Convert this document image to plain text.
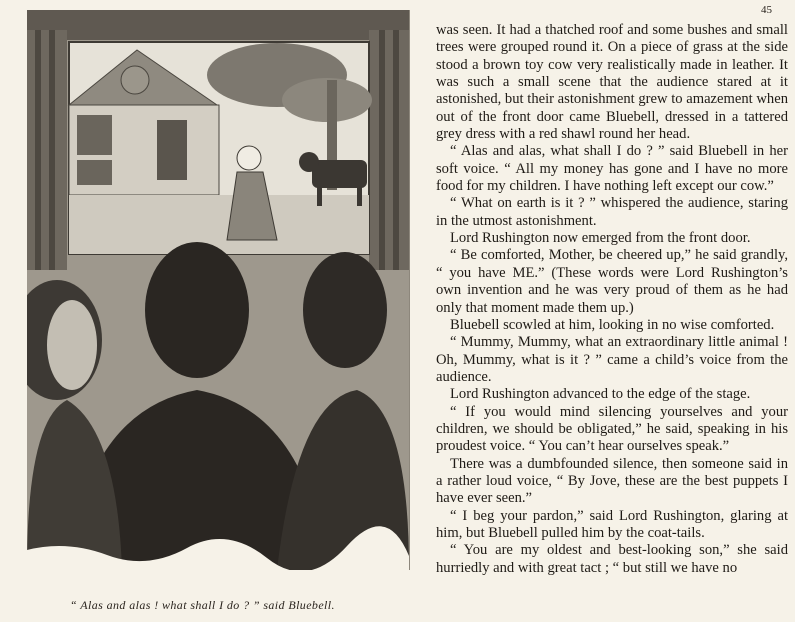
“ Alas and alas ! what shall I do ? ” said Bluebell.
45

was seen. It had a thatched roof and some bushes and small trees were grouped round it. On a piece of grass at the side stood a brown toy cow very realistically made in leather. It was such a small scene that the audience stared at it astonished, but their astonishment grew to amazement when out of the front door came Bluebell, dressed in a tattered grey dress with a red shawl round her head.

“ Alas and alas, what shall I do ? ” said Bluebell in her soft voice. “ All my money has gone and I have no more food for my children. I have nothing left except our cow.”

“ What on earth is it ? ” whispered the audience, staring in the utmost astonishment.

Lord Rushington now emerged from the front door.

“ Be comforted, Mother, be cheered up,” he said grandly, “ you have ME.” (These words were Lord Rushington’s own invention and he was very proud of them as he had only that moment made them up.)

Bluebell scowled at him, looking in no wise comforted.

“ Mummy, Mummy, what an extraordinary little animal ! Oh, Mummy, what is it ? ” came a child’s voice from the audience.

Lord Rushington advanced to the edge of the stage.

“ If you would mind silencing yourselves and your children, we should be obligated,” he said, speaking in his proudest voice. “ You can’t hear ourselves speak.”

There was a dumbfounded silence, then someone said in a rather loud voice, “ By Jove, these are the best puppets I have ever seen.”

“ I beg your pardon,” said Lord Rushington, glaring at him, but Bluebell pulled him by the coat-tails.

“ You are my oldest and best-looking son,” she said hurriedly and with great tact ; “ but still we have no
